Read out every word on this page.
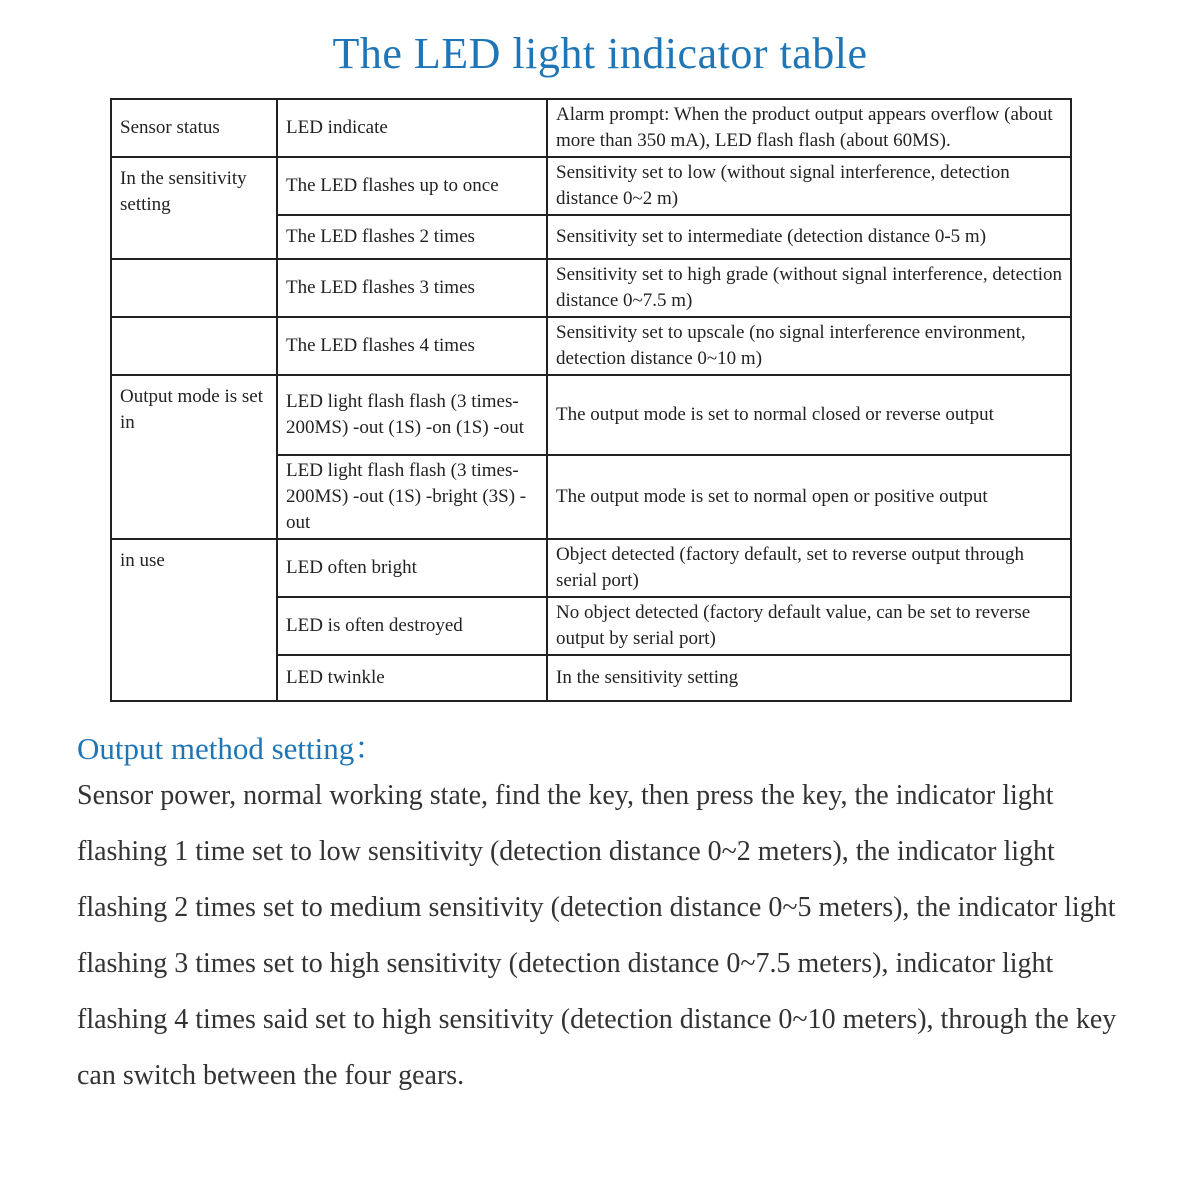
The LED light indicator table
Sensor status	LED indicate	Alarm prompt: When the product output appears overflow (about more than 350 mA), LED flash flash (about 60MS).
In the sensitivity setting	The LED flashes up to once	Sensitivity set to low (without signal interference, detection distance 0~2 m)
	The LED flashes 2 times	Sensitivity set to intermediate (detection distance 0-5 m)
	The LED flashes 3 times	Sensitivity set to high grade (without signal interference, detection distance 0~7.5 m)
	The LED flashes 4 times	Sensitivity set to upscale (no signal interference environment, detection distance 0~10 m)
Output mode is set in	LED light flash flash (3 times-200MS) -out (1S) -on (1S) -out	The output mode is set to normal closed or reverse output
	LED light flash flash (3 times-200MS) -out (1S) -bright (3S) -out	The output mode is set to normal open or positive output
in use	LED often bright	Object detected (factory default, set to reverse output through serial port)
	LED is often destroyed	No object detected (factory default value, can be set to reverse output by serial port)
	LED twinkle	In the sensitivity setting
Output method setting：
Sensor power, normal working state, find the key, then press the key, the indicator light flashing 1 time set to low sensitivity (detection distance 0~2 meters), the indicator light flashing 2 times set to medium sensitivity (detection distance 0~5 meters), the indicator light flashing 3 times set to high sensitivity (detection distance 0~7.5 meters), indicator light flashing 4 times said set to high sensitivity (detection distance 0~10 meters), through the key can switch between the four gears.
